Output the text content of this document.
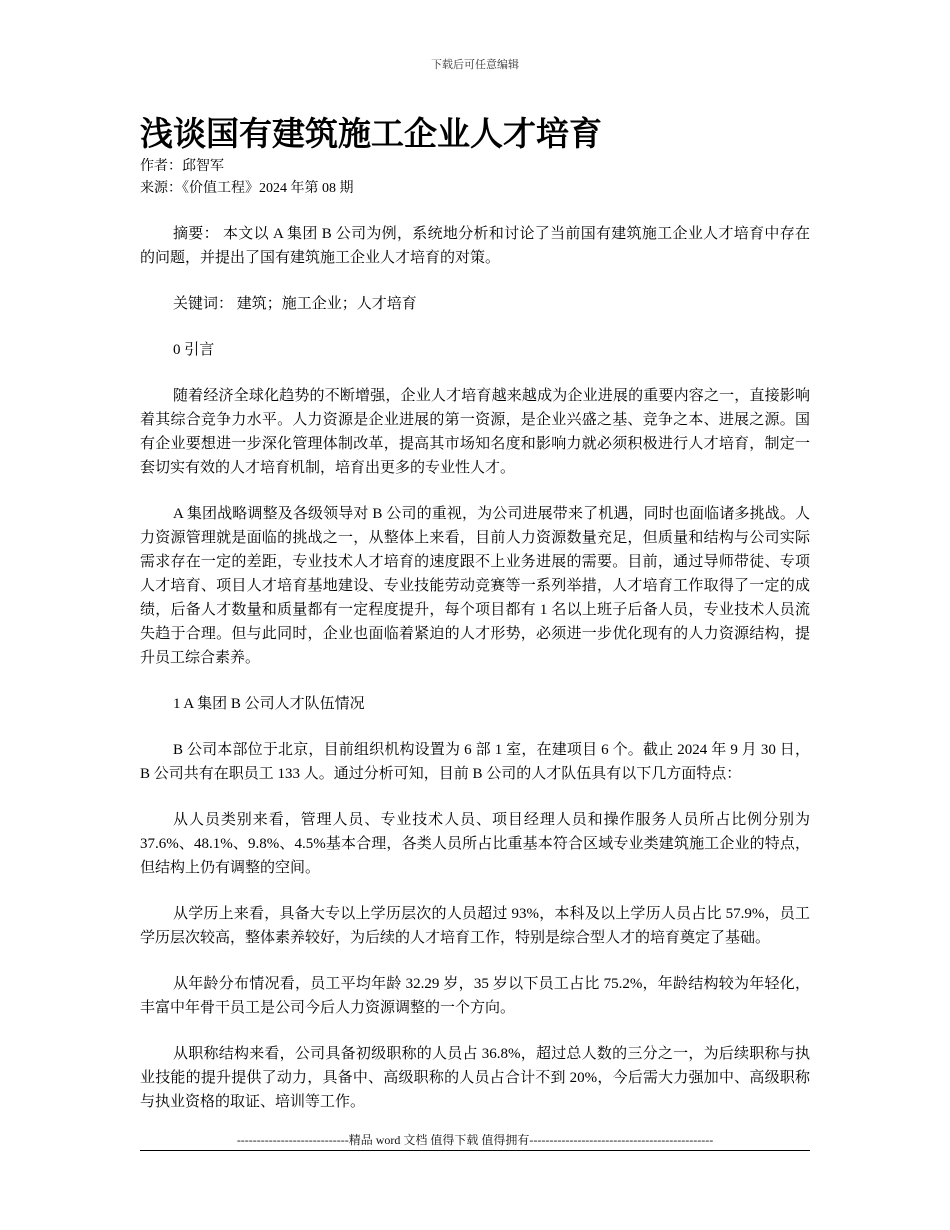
下载后可任意编辑
浅谈国有建筑施工企业人才培育
作者：邱智军
来源：《价值工程》2024 年第 08 期

摘要： 本文以 A 集团 B 公司为例，系统地分析和讨论了当前国有建筑施工企业人才培育中存在的问题，并提出了国有建筑施工企业人才培育的对策。

关键词： 建筑；施工企业；人才培育

0 引言

随着经济全球化趋势的不断增强，企业人才培育越来越成为企业进展的重要内容之一，直接影响着其综合竞争力水平。人力资源是企业进展的第一资源，是企业兴盛之基、竞争之本、进展之源。国有企业要想进一步深化管理体制改革，提高其市场知名度和影响力就必须积极进行人才培育，制定一套切实有效的人才培育机制，培育出更多的专业性人才。

A 集团战略调整及各级领导对 B 公司的重视，为公司进展带来了机遇，同时也面临诸多挑战。人力资源管理就是面临的挑战之一，从整体上来看，目前人力资源数量充足，但质量和结构与公司实际需求存在一定的差距，专业技术人才培育的速度跟不上业务进展的需要。目前，通过导师带徒、专项人才培育、项目人才培育基地建设、专业技能劳动竞赛等一系列举措，人才培育工作取得了一定的成绩，后备人才数量和质量都有一定程度提升，每个项目都有 1 名以上班子后备人员，专业技术人员流失趋于合理。但与此同时，企业也面临着紧迫的人才形势，必须进一步优化现有的人力资源结构，提升员工综合素养。

1 A 集团 B 公司人才队伍情况

B 公司本部位于北京，目前组织机构设置为 6 部 1 室，在建项目 6 个。截止 2024 年 9 月 30 日，B 公司共有在职员工 133 人。通过分析可知，目前 B 公司的人才队伍具有以下几方面特点：

从人员类别来看，管理人员、专业技术人员、项目经理人员和操作服务人员所占比例分别为 37.6%、48.1%、9.8%、4.5%基本合理，各类人员所占比重基本符合区域专业类建筑施工企业的特点，但结构上仍有调整的空间。

从学历上来看，具备大专以上学历层次的人员超过 93%，本科及以上学历人员占比 57.9%，员工学历层次较高，整体素养较好，为后续的人才培育工作，特别是综合型人才的培育奠定了基础。

从年龄分布情况看，员工平均年龄 32.29 岁，35 岁以下员工占比 75.2%，年龄结构较为年轻化，丰富中年骨干员工是公司今后人力资源调整的一个方向。

从职称结构来看，公司具备初级职称的人员占 36.8%，超过总人数的三分之一，为后续职称与执业技能的提升提供了动力，具备中、高级职称的人员占合计不到 20%，今后需大力强加中、高级职称与执业资格的取证、培训等工作。

----------------------------精品 word 文档 值得下载 值得拥有----------------------------------------------
